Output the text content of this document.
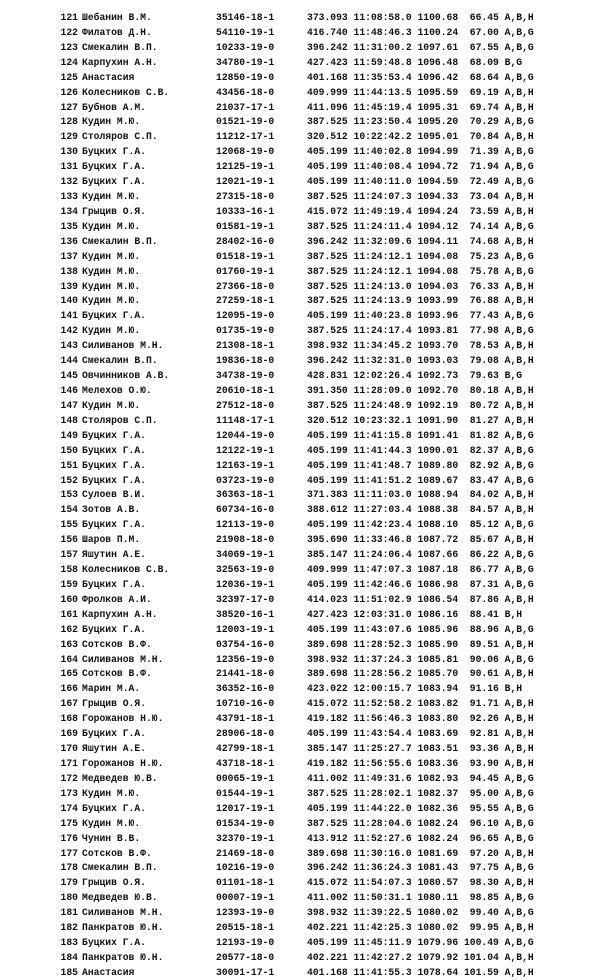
121 Шебанин В.М.	35146-18-1	373.093 11:08:58.0 1100.68  66.45 A,B,H
122 Филатов Д.Н.	54110-19-1	416.740 11:48:46.3 1100.24  67.00 A,B,G
123 Смекалин В.П.	10233-19-0	396.242 11:31:00.2 1097.61  67.55 A,B,G
124 Карпухин А.Н.	34780-19-1	427.423 11:59:48.8 1096.48  68.09 B,G
125 Анастасия	12850-19-0	401.168 11:35:53.4 1096.42  68.64 A,B,G
126 Колесников С.В.	43456-18-0	409.999 11:44:13.5 1095.59  69.19 A,B,H
127 Бубнов А.М.	21037-17-1	411.096 11:45:19.4 1095.31  69.74 A,B,H
128 Кудин М.Ю.	01521-19-0	387.525 11:23:50.4 1095.20  70.29 A,B,G
129 Столяров С.П.	11212-17-1	320.512 10:22:42.2 1095.01  70.84 A,B,H
130 Буцких Г.А.	12068-19-0	405.199 11:40:02.8 1094.99  71.39 A,B,G
131 Буцких Г.А.	12125-19-1	405.199 11:40:08.4 1094.72  71.94 A,B,G
132 Буцких Г.А.	12021-19-1	405.199 11:40:11.0 1094.59  72.49 A,B,G
133 Кудин М.Ю.	27315-18-0	387.525 11:24:07.3 1094.33  73.04 A,B,H
134 Грыцив О.Я.	10333-16-1	415.072 11:49:19.4 1094.24  73.59 A,B,H
135 Кудин М.Ю.	01581-19-1	387.525 11:24:11.4 1094.12  74.14 A,B,G
136 Смекалин В.П.	28402-16-0	396.242 11:32:09.6 1094.11  74.68 A,B,H
137 Кудин М.Ю.	01518-19-1	387.525 11:24:12.1 1094.08  75.23 A,B,G
138 Кудин М.Ю.	01760-19-1	387.525 11:24:12.1 1094.08  75.78 A,B,G
139 Кудин М.Ю.	27366-18-0	387.525 11:24:13.0 1094.03  76.33 A,B,H
140 Кудин М.Ю.	27259-18-1	387.525 11:24:13.9 1093.99  76.88 A,B,H
141 Буцких Г.А.	12095-19-0	405.199 11:40:23.8 1093.96  77.43 A,B,G
142 Кудин М.Ю.	01735-19-0	387.525 11:24:17.4 1093.81  77.98 A,B,G
143 Силиванов М.Н.	21308-18-1	398.932 11:34:45.2 1093.70  78.53 A,B,H
144 Смекалин В.П.	19836-18-0	396.242 11:32:31.0 1093.03  79.08 A,B,H
145 Овчинников А.В.	34738-19-0	428.831 12:02:26.4 1092.73  79.63 B,G
146 Мелехов О.Ю.	20610-18-1	391.350 11:28:09.0 1092.70  80.18 A,B,H
147 Кудин М.Ю.	27512-18-0	387.525 11:24:48.9 1092.19  80.72 A,B,H
148 Столяров С.П.	11148-17-1	320.512 10:23:32.1 1091.90  81.27 A,B,H
149 Буцких Г.А.	12044-19-0	405.199 11:41:15.8 1091.41  81.82 A,B,G
150 Буцких Г.А.	12122-19-1	405.199 11:41:44.3 1090.01  82.37 A,B,G
151 Буцких Г.А.	12163-19-1	405.199 11:41:48.7 1089.80  82.92 A,B,G
152 Буцких Г.А.	03723-19-0	405.199 11:41:51.2 1089.67  83.47 A,B,G
153 Сулоев В.И.	36363-18-1	371.383 11:11:03.0 1088.94  84.02 A,B,H
154 Зотов А.В.	60734-16-0	388.612 11:27:03.4 1088.38  84.57 A,B,H
155 Буцких Г.А.	12113-19-0	405.199 11:42:23.4 1088.10  85.12 A,B,G
156 Шаров П.М.	21908-18-0	395.690 11:33:46.8 1087.72  85.67 A,B,H
157 Яшутин А.Е.	34069-19-1	385.147 11:24:06.4 1087.66  86.22 A,B,G
158 Колесников С.В.	32563-19-0	409.999 11:47:07.3 1087.18  86.77 A,B,G
159 Буцких Г.А.	12036-19-1	405.199 11:42:46.6 1086.98  87.31 A,B,G
160 Фролков А.И.	32397-17-0	414.023 11:51:02.9 1086.54  87.86 A,B,H
161 Карпухин А.Н.	38520-16-1	427.423 12:03:31.0 1086.16  88.41 B,H
162 Буцких Г.А.	12003-19-1	405.199 11:43:07.6 1085.96  88.96 A,B,G
163 Сотсков В.Ф.	03754-16-0	389.698 11:28:52.3 1085.90  89.51 A,B,H
164 Силиванов М.Н.	12356-19-0	398.932 11:37:24.3 1085.81  90.06 A,B,G
165 Сотсков В.Ф.	21441-18-0	389.698 11:28:56.2 1085.70  90.61 A,B,H
166 Марин М.А.	36352-16-0	423.022 12:00:15.7 1083.94  91.16 B,H
167 Грыцив О.Я.	10710-16-0	415.072 11:52:58.2 1083.82  91.71 A,B,H
168 Горожанов Н.Ю.	43791-18-1	419.182 11:56:46.3 1083.80  92.26 A,B,H
169 Буцких Г.А.	28906-18-0	405.199 11:43:54.4 1083.69  92.81 A,B,H
170 Яшутин А.Е.	42799-18-1	385.147 11:25:27.7 1083.51  93.36 A,B,H
171 Горожанов Н.Ю.	43718-18-1	419.182 11:56:55.6 1083.36  93.90 A,B,H
172 Медведев Ю.В.	00065-19-1	411.002 11:49:31.6 1082.93  94.45 A,B,G
173 Кудин М.Ю.	01544-19-1	387.525 11:28:02.1 1082.37  95.00 A,B,G
174 Буцких Г.А.	12017-19-1	405.199 11:44:22.0 1082.36  95.55 A,B,G
175 Кудин М.Ю.	01534-19-0	387.525 11:28:04.6 1082.24  96.10 A,B,G
176 Чунин В.В.	32370-19-1	413.912 11:52:27.6 1082.24  96.65 A,B,G
177 Сотсков В.Ф.	21469-18-0	389.698 11:30:16.0 1081.69  97.20 A,B,H
178 Смекалин В.П.	10216-19-0	396.242 11:36:24.3 1081.43  97.75 A,B,G
179 Грыцив О.Я.	01101-18-1	415.072 11:54:07.3 1080.57  98.30 A,B,H
180 Медведев Ю.В.	00007-19-1	411.002 11:50:31.1 1080.11  98.85 A,B,G
181 Силиванов М.Н.	12393-19-0	398.932 11:39:22.5 1080.02  99.40 A,B,G
182 Панкратов Ю.Н.	20515-18-1	402.221 11:42:25.3 1080.02  99.95 A,B,H
183 Буцких Г.А.	12193-19-0	405.199 11:45:11.9 1079.96 100.49 A,B,G
184 Панкратов Ю.Н.	20577-18-0	402.221 11:42:27.2 1079.92 101.04 A,B,H
185 Анастасия	30091-17-1	401.168 11:41:55.3 1078.64 101.59 A,B,H
